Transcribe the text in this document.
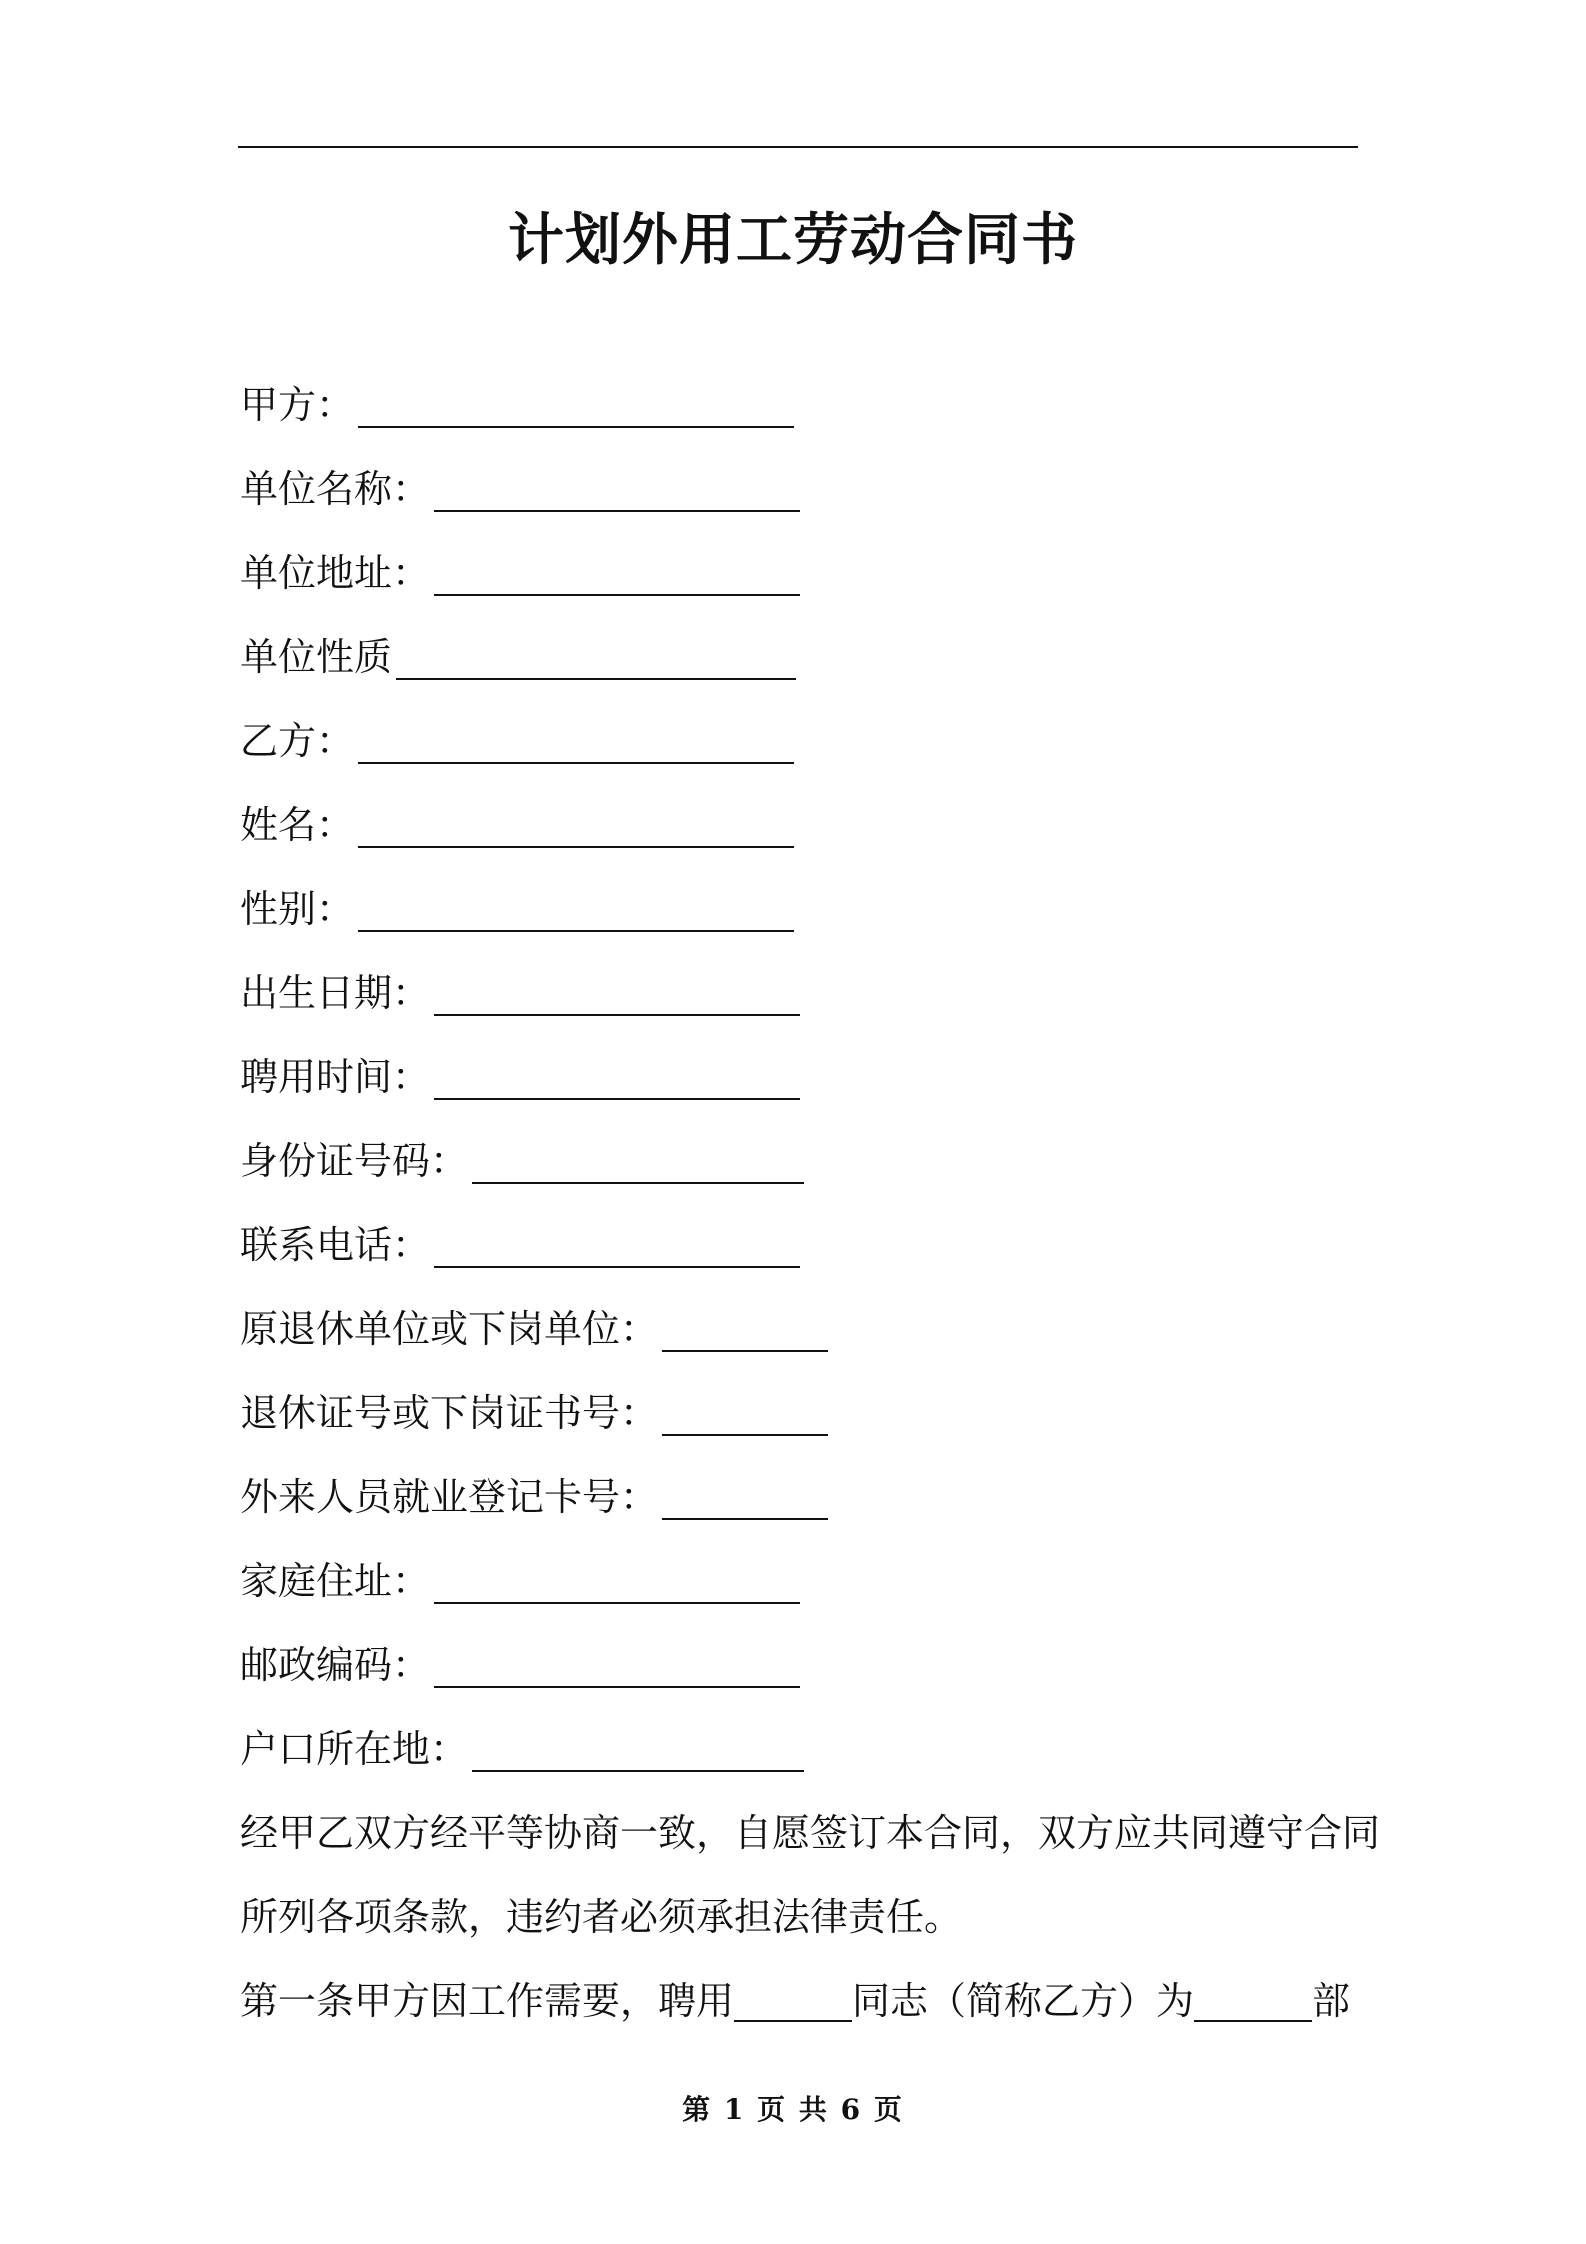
计划外用工劳动合同书
甲方：
单位名称：
单位地址：
单位性质
乙方：
姓名：
性别：
出生日期：
聘用时间：
身份证号码：
联系电话：
原退休单位或下岗单位：
退休证号或下岗证书号：
外来人员就业登记卡号：
家庭住址：
邮政编码：
户口所在地：
经甲乙双方经平等协商一致，自愿签订本合同，双方应共同遵守合同
所列各项条款，违约者必须承担法律责任。
第一条甲方因工作需要，聘用	同志（简称乙方）为	部
第 1 页 共 6 页
